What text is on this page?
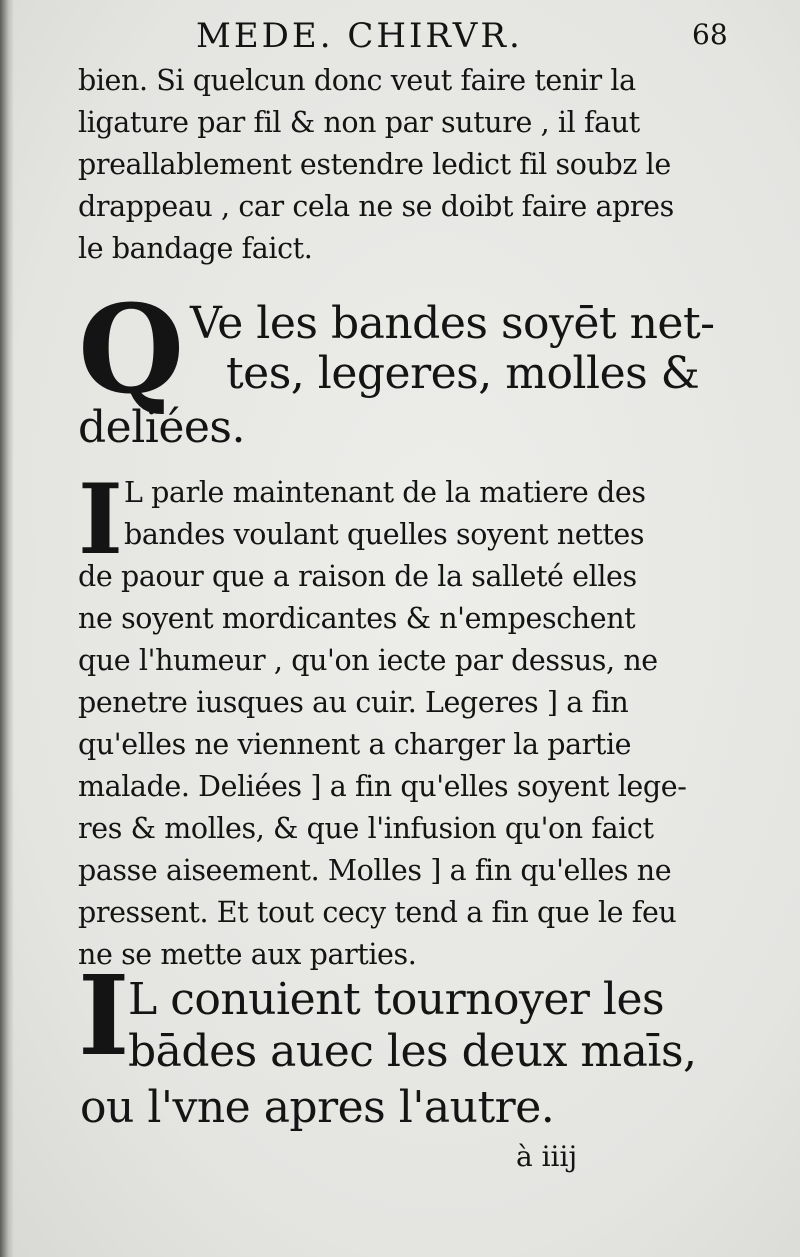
MEDE. CHIRVR.	68
bien. Si quelcun donc veut faire tenir la
ligature par fil & non par suture , il faut
preallablement estendre ledict fil soubz le
drappeau , car cela ne se doibt faire apres
le bandage faict.
Q Ve les bandes soyēt net-
tes, legeres, molles &
deliées.
I L parle maintenant de la matiere des
bandes voulant quelles soyent nettes
de paour que a raison de la salleté elles
ne soyent mordicantes & n'empeschent
que l'humeur , qu'on iecte par dessus, ne
penetre iusques au cuir. Legeres ] a fin
qu'elles ne viennent a charger la partie
malade. Deliées ] a fin qu'elles soyent lege-
res & molles, & que l'infusion qu'on faict
passe aiseement. Molles ] a fin qu'elles ne
pressent. Et tout cecy tend a fin que le feu
ne se mette aux parties.
I
L conuient tournoyer les
bādes auec les deux maīs,
ou l'vne apres l'autre.
à iiij
